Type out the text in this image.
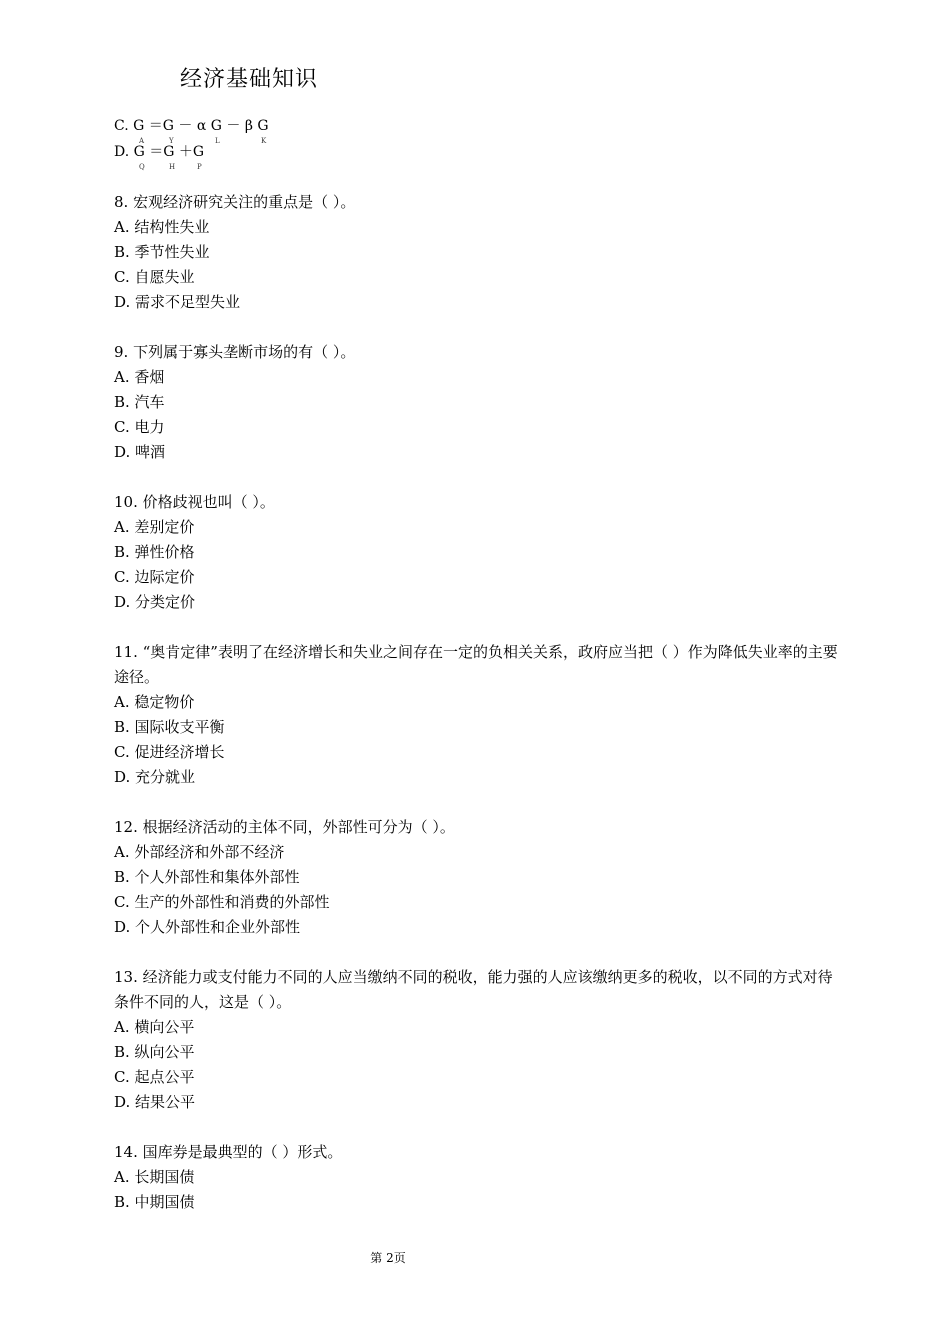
经济基础知识
C. G ＝G － α G － β G
A	Y	L	K
D. G ＝G ＋G
Q	H	P
8. 宏观经济研究关注的重点是（ ）。
A. 结构性失业
B. 季节性失业
C. 自愿失业
D. 需求不足型失业
9. 下列属于寡头垄断市场的有（ ）。
A. 香烟
B. 汽车
C. 电力
D. 啤酒
10. 价格歧视也叫（ ）。
A. 差别定价
B. 弹性价格
C. 边际定价
D. 分类定价
11. “奥肯定律”表明了在经济增长和失业之间存在一定的负相关关系，政府应当把（ ）作为降低失业率的主要途径。
A. 稳定物价
B. 国际收支平衡
C. 促进经济增长
D. 充分就业
12. 根据经济活动的主体不同，外部性可分为（ ）。
A. 外部经济和外部不经济
B. 个人外部性和集体外部性
C. 生产的外部性和消费的外部性
D. 个人外部性和企业外部性
13. 经济能力或支付能力不同的人应当缴纳不同的税收，能力强的人应该缴纳更多的税收，以不同的方式对待条件不同的人，这是（ ）。
A. 横向公平
B. 纵向公平
C. 起点公平
D. 结果公平
14. 国库券是最典型的（ ）形式。
A. 长期国债
B. 中期国债
第 2页
